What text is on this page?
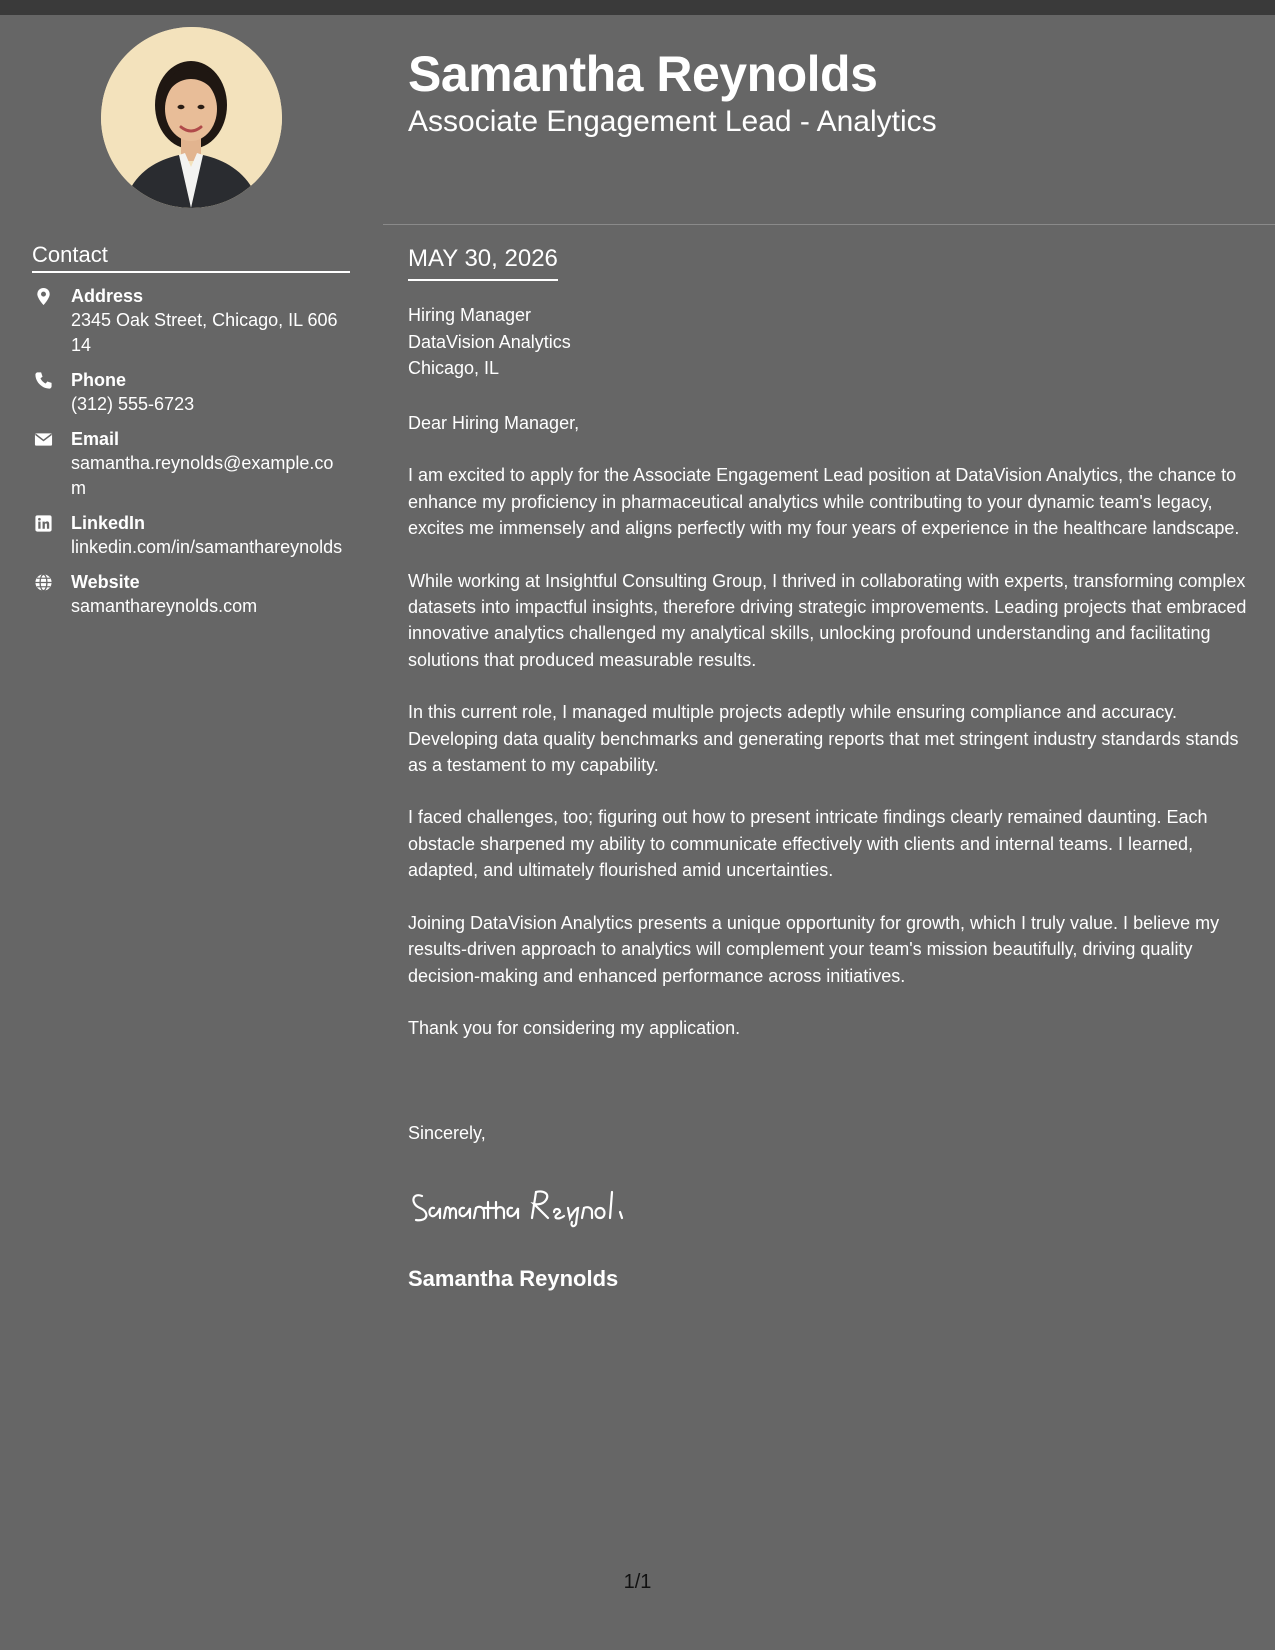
Contact
Address
2345 Oak Street, Chicago, IL 60614
Phone
(312) 555-6723
Email
samantha.reynolds@example.com
LinkedIn
linkedin.com/in/samanthareynolds
Website
samanthareynolds.com
Samantha Reynolds
Associate Engagement Lead - Analytics
MAY 30, 2026
Hiring Manager
DataVision Analytics
Chicago, IL

Dear Hiring Manager,

I am excited to apply for the Associate Engagement Lead position at DataVision Analytics, the chance to enhance my proficiency in pharmaceutical analytics while contributing to your dynamic team's legacy, excites me immensely and aligns perfectly with my four years of experience in the healthcare landscape.

While working at Insightful Consulting Group, I thrived in collaborating with experts, transforming complex datasets into impactful insights, therefore driving strategic improvements. Leading projects that embraced innovative analytics challenged my analytical skills, unlocking profound understanding and facilitating solutions that produced measurable results.

In this current role, I managed multiple projects adeptly while ensuring compliance and accuracy. Developing data quality benchmarks and generating reports that met stringent industry standards stands as a testament to my capability.

I faced challenges, too; figuring out how to present intricate findings clearly remained daunting. Each obstacle sharpened my ability to communicate effectively with clients and internal teams. I learned, adapted, and ultimately flourished amid uncertainties.

Joining DataVision Analytics presents a unique opportunity for growth, which I truly value. I believe my results-driven approach to analytics will complement your team's mission beautifully, driving quality decision-making and enhanced performance across initiatives.

Thank you for considering my application.

Sincerely,
Samantha Reynolds
1/1
